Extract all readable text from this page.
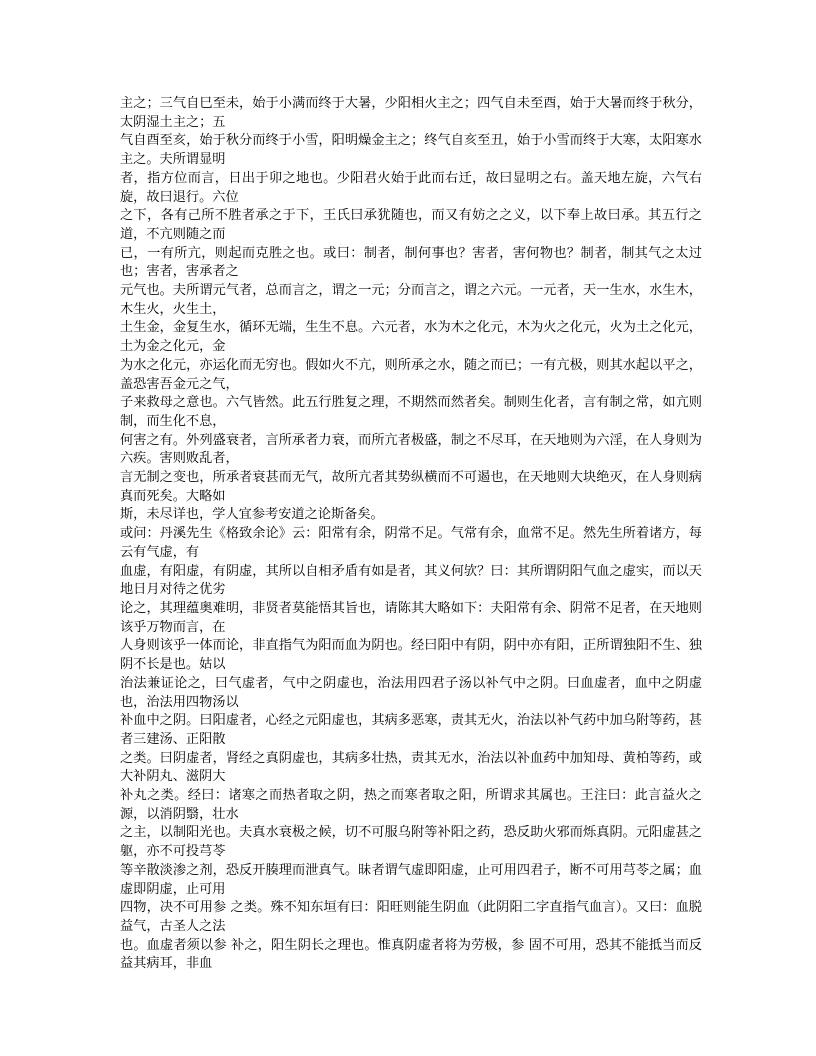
主之；三气自巳至未，始于小满而终于大暑，少阳相火主之；四气自未至酉，始于大暑而终于秋分，太阴湿土主之；五

气自酉至亥，始于秋分而终于小雪，阳明燥金主之；终气自亥至丑，始于小雪而终于大寒，太阳寒水主之。夫所谓显明

者，指方位而言，日出于卯之地也。少阳君火始于此而右迁，故曰显明之右。盖天地左旋，六气右旋，故曰退行。六位

之下，各有己所不胜者承之于下，王氏曰承犹随也，而又有妨之之义，以下奉上故曰承。其五行之道，不亢则随之而

已，一有所亢，则起而克胜之也。或曰：制者，制何事也？害者，害何物也？制者，制其气之太过也；害者，害承者之

元气也。夫所谓元气者，总而言之，谓之一元；分而言之，谓之六元。一元者，天一生水，水生木，木生火，火生土，

土生金，金复生水，循环无端，生生不息。六元者，水为木之化元，木为火之化元，火为土之化元，土为金之化元，金

为水之化元，亦运化而无穷也。假如火不亢，则所承之水，随之而已；一有亢极，则其水起以平之，盖恐害吾金元之气，

子来救母之意也。六气皆然。此五行胜复之理，不期然而然者矣。制则生化者，言有制之常，如亢则制，而生化不息，

何害之有。外列盛衰者，言所承者力衰，而所亢者极盛，制之不尽耳，在天地则为六淫，在人身则为六疾。害则败乱者，

言无制之变也，所承者衰甚而无气，故所亢者其势纵横而不可遏也，在天地则大块绝灭，在人身则病真而死矣。大略如

斯，未尽详也，学人宜参考安道之论斯备矣。

或问：丹溪先生《格致余论》云：阳常有余，阴常不足。气常有余，血常不足。然先生所着诸方，每云有气虚，有

血虚，有阳虚，有阴虚，其所以自相矛盾有如是者，其义何欤？曰：其所谓阴阳气血之虚实，而以天地日月对待之优劣

论之，其理蕴奥难明，非贤者莫能悟其旨也，请陈其大略如下：夫阳常有余、阴常不足者，在天地则该乎万物而言，在

人身则该乎一体而论，非直指气为阳而血为阴也。经曰阳中有阴，阴中亦有阳，正所谓独阳不生、独阴不长是也。姑以

治法兼证论之，曰气虚者，气中之阴虚也，治法用四君子汤以补气中之阴。曰血虚者，血中之阴虚也，治法用四物汤以

补血中之阴。曰阳虚者，心经之元阳虚也，其病多恶寒，责其无火，治法以补气药中加乌附等药，甚者三建汤、正阳散

之类。曰阴虚者，肾经之真阴虚也，其病多壮热，责其无水，治法以补血药中加知母、黄柏等药，或大补阴丸、滋阴大

补丸之类。经曰：诸寒之而热者取之阴，热之而寒者取之阳，所谓求其属也。王注曰：此言益火之源，以消阴翳，壮水

之主，以制阳光也。夫真水衰极之候，切不可服乌附等补阳之药，恐反助火邪而烁真阴。元阳虚甚之躯，亦不可投芎苓

等辛散淡渗之剂，恐反开腠理而泄真气。昧者谓气虚即阳虚，止可用四君子，断不可用芎苓之属；血虚即阴虚，止可用

四物，决不可用参 之类。殊不知东垣有曰：阳旺则能生阴血（此阴阳二字直指气血言）。又曰：血脱益气，古圣人之法

也。血虚者须以参 补之，阳生阴长之理也。惟真阴虚者将为劳极，参 固不可用，恐其不能抵当而反益其病耳，非血
